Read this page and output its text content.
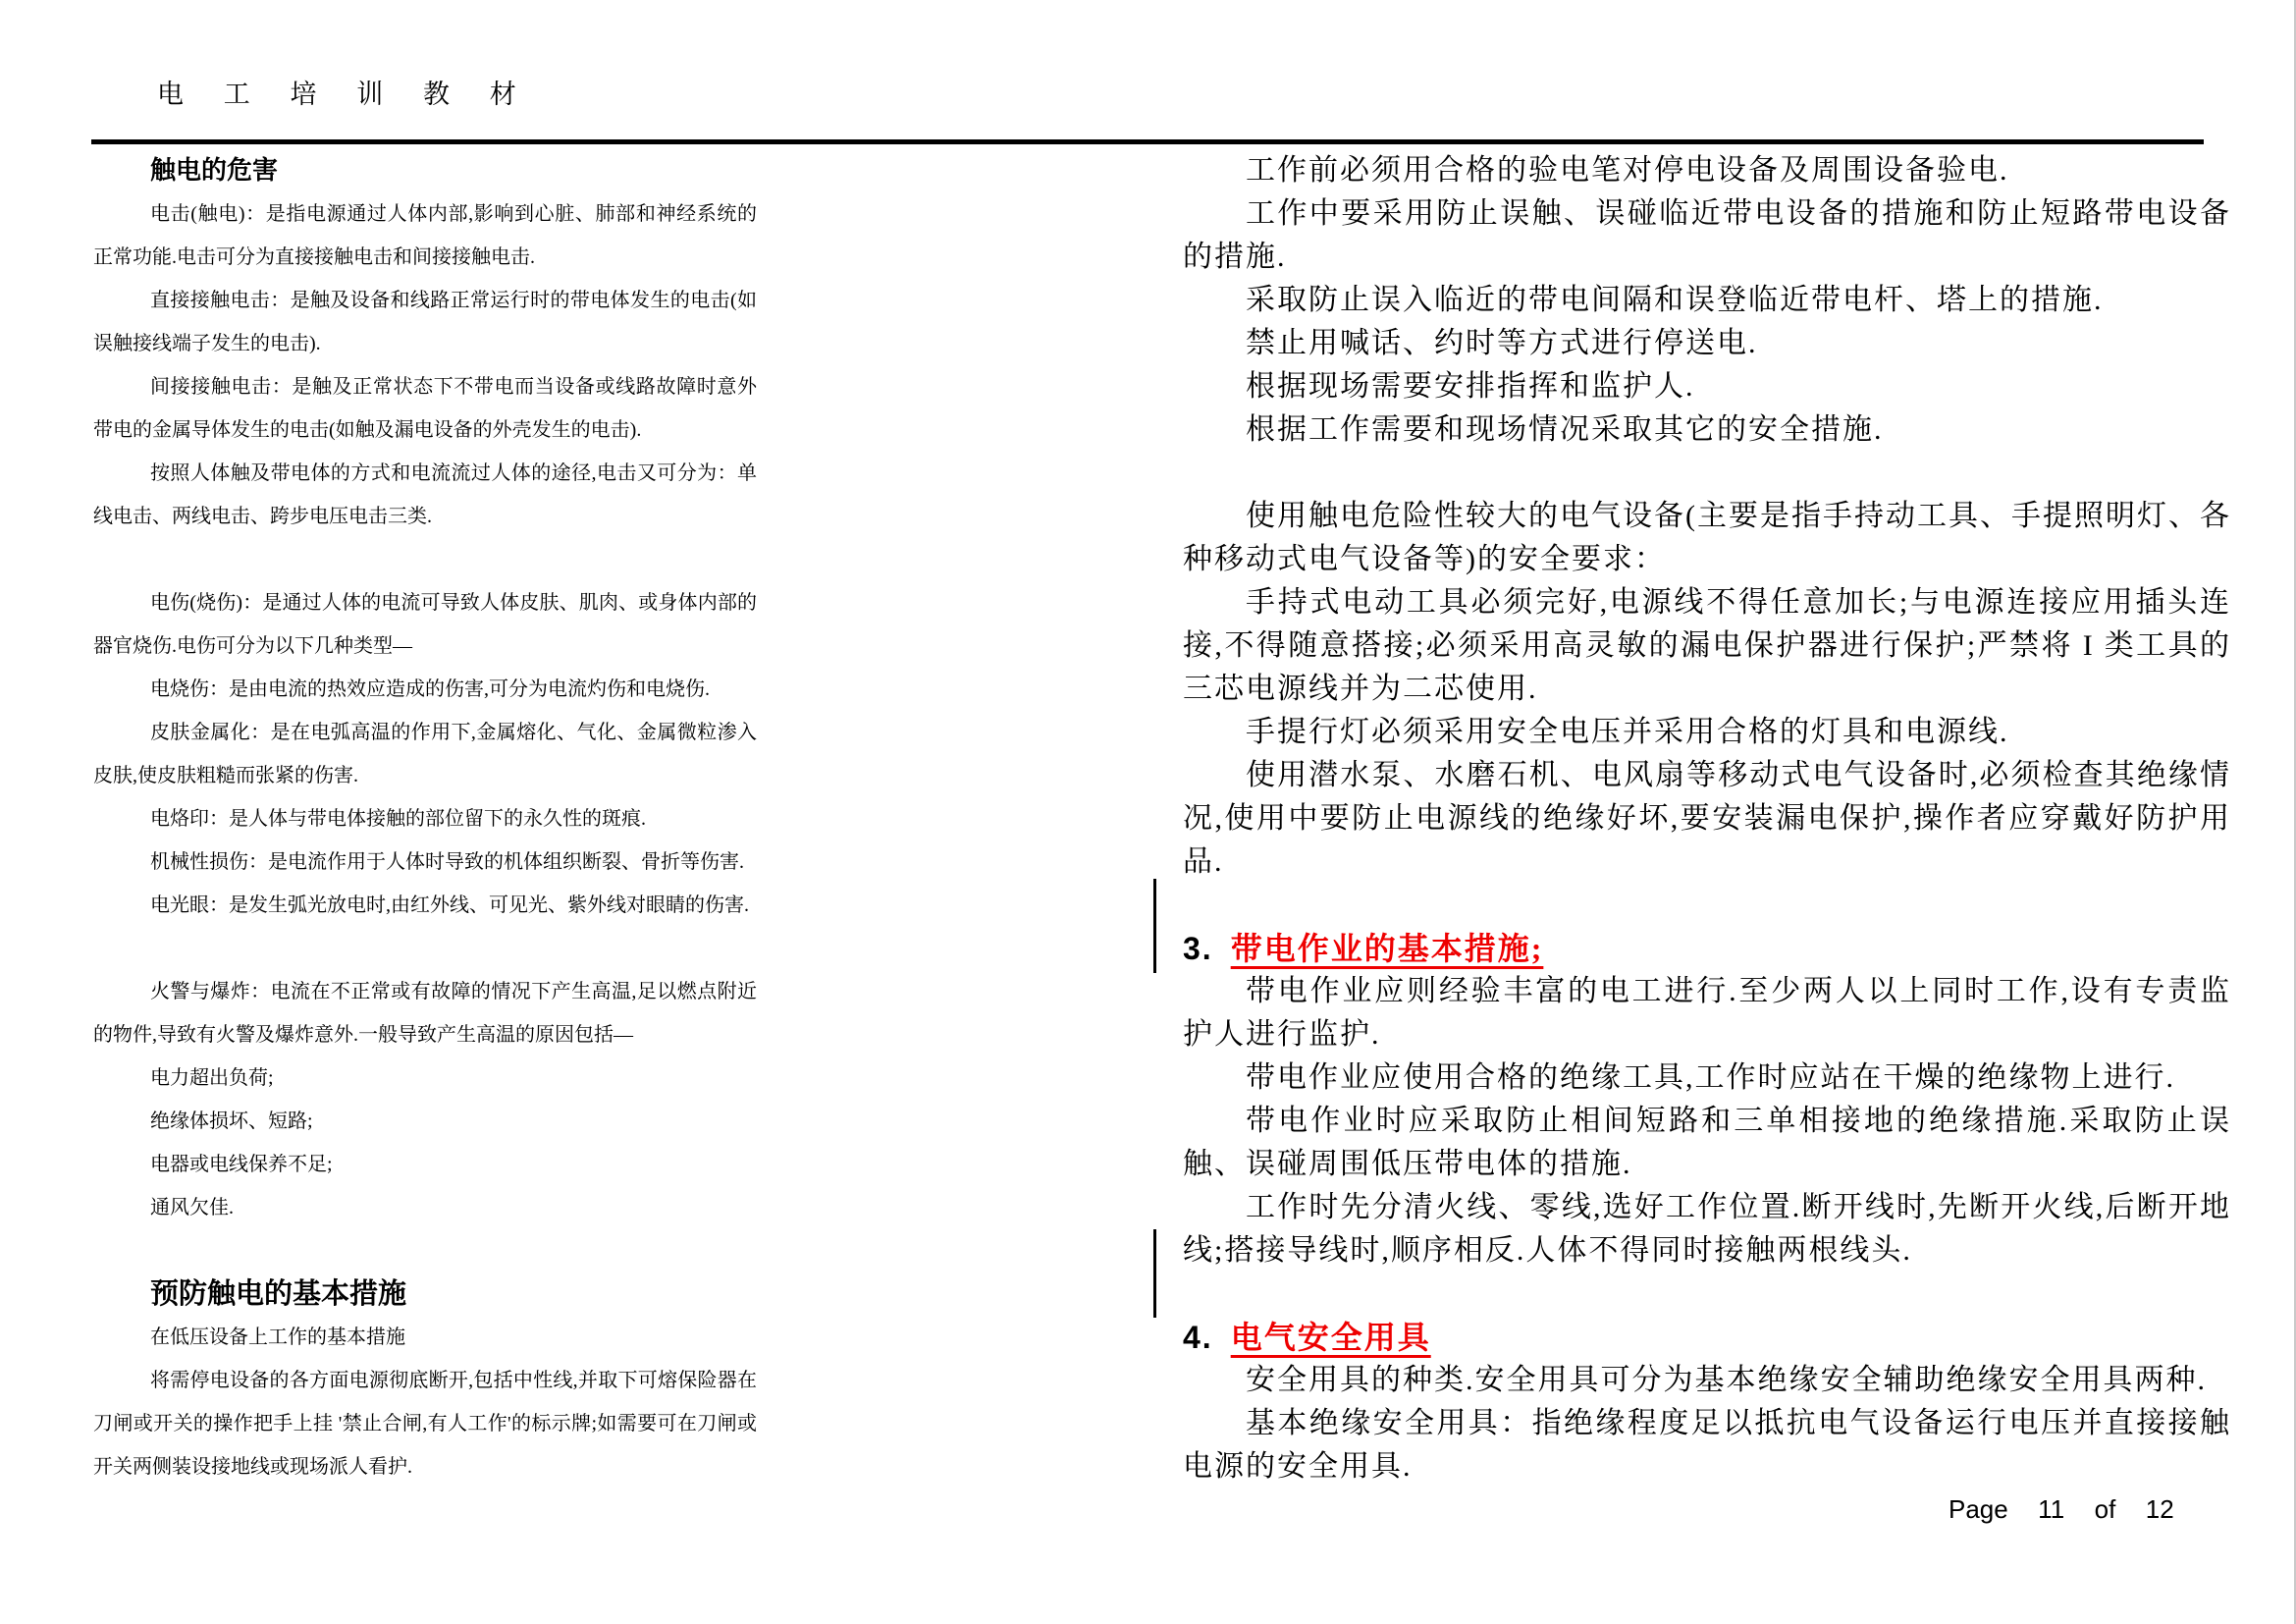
电 工 培 训 教 材
触电的危害

电击(触电)：是指电源通过人体内部,影响到心脏、肺部和神经系统的正常功能.电击可分为直接接触电击和间接接触电击.

直接接触电击：是触及设备和线路正常运行时的带电体发生的电击(如误触接线端子发生的电击).

间接接触电击：是触及正常状态下不带电而当设备或线路故障时意外带电的金属导体发生的电击(如触及漏电设备的外壳发生的电击).

按照人体触及带电体的方式和电流流过人体的途径,电击又可分为：单线电击、两线电击、跨步电压电击三类.

电伤(烧伤)：是通过人体的电流可导致人体皮肤、肌肉、或身体内部的器官烧伤.电伤可分为以下几种类型—

电烧伤：是由电流的热效应造成的伤害,可分为电流灼伤和电烧伤.

皮肤金属化：是在电弧高温的作用下,金属熔化、气化、金属微粒渗入皮肤,使皮肤粗糙而张紧的伤害.

电烙印：是人体与带电体接触的部位留下的永久性的斑痕.

机械性损伤：是电流作用于人体时导致的机体组织断裂、骨折等伤害.

电光眼：是发生弧光放电时,由红外线、可见光、紫外线对眼睛的伤害.

火警与爆炸：电流在不正常或有故障的情况下产生高温,足以燃点附近的物件,导致有火警及爆炸意外.一般导致产生高温的原因包括—

电力超出负荷;

绝缘体损坏、短路;

电器或电线保养不足;

通风欠佳.

预防触电的基本措施

在低压设备上工作的基本措施

将需停电设备的各方面电源彻底断开,包括中性线,并取下可熔保险器在刀闸或开关的操作把手上挂 '禁止合闸,有人工作'的标示牌;如需要可在刀闸或开关两侧装设接地线或现场派人看护.

工作前必须用合格的验电笔对停电设备及周围设备验电.

工作中要采用防止误触、误碰临近带电设备的措施和防止短路带电设备的措施.

采取防止误入临近的带电间隔和误登临近带电杆、塔上的措施.

禁止用喊话、约时等方式进行停送电.

根据现场需要安排指挥和监护人.

根据工作需要和现场情况采取其它的安全措施.

使用触电危险性较大的电气设备(主要是指手持动工具、手提照明灯、各种移动式电气设备等)的安全要求：

手持式电动工具必须完好,电源线不得任意加长;与电源连接应用插头连接,不得随意搭接;必须采用高灵敏的漏电保护器进行保护;严禁将 I 类工具的三芯电源线并为二芯使用.

手提行灯必须采用安全电压并采用合格的灯具和电源线.

使用潜水泵、水磨石机、电风扇等移动式电气设备时,必须检查其绝缘情况,使用中要防止电源线的绝缘好坏,要安装漏电保护,操作者应穿戴好防护用品.

3. 带电作业的基本措施;

带电作业应则经验丰富的电工进行.至少两人以上同时工作,设有专责监护人进行监护.

带电作业应使用合格的绝缘工具,工作时应站在干燥的绝缘物上进行.

带电作业时应采取防止相间短路和三单相接地的绝缘措施.采取防止误触、误碰周围低压带电体的措施.

工作时先分清火线、零线,选好工作位置.断开线时,先断开火线,后断开地线;搭接导线时,顺序相反.人体不得同时接触两根线头.

4. 电气安全用具

安全用具的种类.安全用具可分为基本绝缘安全辅助绝缘安全用具两种.

基本绝缘安全用具：指绝缘程度足以抵抗电气设备运行电压并直接接触电源的安全用具.

Page  11  of  12
